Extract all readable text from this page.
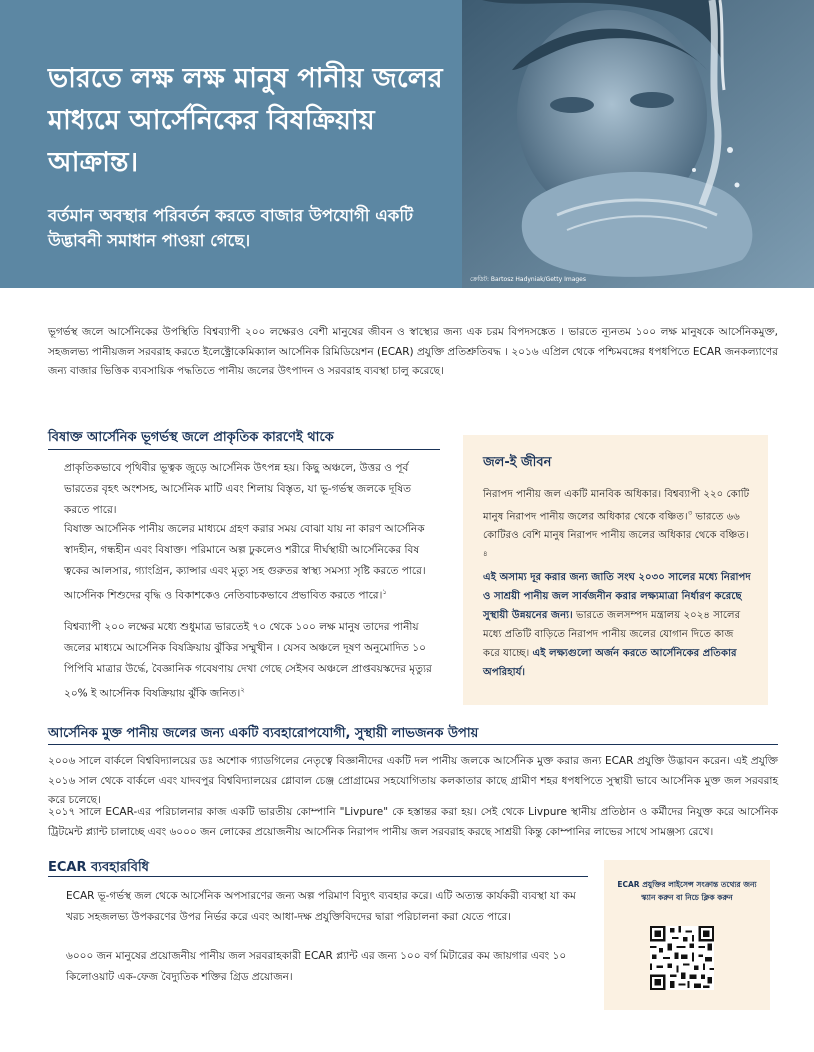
ভারতে লক্ষ লক্ষ মানুষ পানীয় জলের মাধ্যমে আর্সেনিকের বিষক্রিয়ায় আক্রান্ত।

বর্তমান অবস্থার পরিবর্তন করতে বাজার উপযোগী একটি উদ্ভাবনী সমাধান পাওয়া গেছে।

ক্রেডিট: Bartosz Hadyniak/Getty Images

ভূগর্ভস্থ জলে আর্সেনিকের উপস্থিতি বিশ্বব্যাপী ২০০ লক্ষেরও বেশী মানুষের জীবন ও স্বাস্থ্যের জন্য এক চরম বিপদসঙ্কেত । ভারতে ন্যূনতম ১০০ লক্ষ মানুষকে আর্সেনিকমুক্ত, সহজলভ্য পানীয়জল সরবরাহ করতে ইলেক্ট্রোকেমিক্যাল আর্সেনিক রিমিডিয়েশন (ECAR) প্রযুক্তি প্রতিশ্রুতিবদ্ধ । ২০১৬ এপ্রিল থেকে পশ্চিমবঙ্গের ধপধপিতে ECAR জনকল্যাণের জন্য বাজার ভিত্তিক ব্যবসায়িক পদ্ধতিতে পানীয় জলের উৎপাদন ও সরবরাহ ব্যবস্থা চালু করেছে।

বিষাক্ত আর্সেনিক ভূগর্ভস্থ জলে প্রাকৃতিক কারণেই থাকে

প্রাকৃতিকভাবে পৃথিবীর ভূত্বক জুড়ে আর্সেনিক উৎপন্ন হয়। কিছু অঞ্চলে, উত্তর ও পূর্ব ভারতের বৃহৎ অংশসহ, আর্সেনিক মাটি এবং শিলায় বিস্তৃত, যা ভূ-গর্ভস্থ জলকে দূষিত করতে পারে।

বিষাক্ত আর্সেনিক পানীয় জলের মাধ্যমে গ্রহণ করার সময় বোঝা যায় না কারণ আর্সেনিক স্বাদহীন, গন্ধহীন এবং বিষাক্ত। পরিমানে অল্প ঢুকলেও শরীরে দীর্ঘস্থায়ী আর্সেনিকের বিষ ত্বকের আলসার, গ্যাংগ্রিন, ক্যান্সার এবং মৃত্যু সহ গুরুতর স্বাস্থ্য সমস্যা সৃষ্টি করতে পারে। আর্সেনিক শিশুদের বৃদ্ধি ও বিকাশকেও নেতিবাচকভাবে প্রভাবিত করতে পারে।$^১$

বিশ্বব্যাপী ২০০ লক্ষের মধ্যে শুধুমাত্র ভারতেই ৭০ থেকে ১০০ লক্ষ মানুষ তাদের পানীয় জলের মাধ্যমে আর্সেনিক বিষক্রিয়ায় ঝুঁকির সম্মুখীন । যেসব অঞ্চলে দূষণ অনুমোদিত ১০ পিপিবি মাত্রার উর্দ্ধে, বৈজ্ঞানিক গবেষণায় দেখা গেছে সেইসব অঞ্চলে প্রাপ্তবয়স্কদের মৃত্যুর ২০% ই আর্সেনিক বিষক্রিয়ায় ঝুঁকি জনিত।$^২$

জল-ই জীবন

নিরাপদ পানীয় জল একটি মানবিক অধিকার। বিশ্বব্যাপী ২২০ কোটি মানুষ নিরাপদ পানীয় জলের অধিকার থেকে বঞ্চিত।$^৩$ ভারতে ৬৬ কোটিরও বেশি মানুষ নিরাপদ পানীয় জলের অধিকার থেকে বঞ্চিত।$^৪$
এই অসাম্য দূর করার জন্য জাতি সংঘ ২০৩০ সালের মধ্যে নিরাপদ ও সাশ্রয়ী পানীয় জল সার্বজনীন করার লক্ষ্যমাত্রা নির্ধারণ করেছে সুস্থায়ী উন্নয়নের জন্য। ভারতে জলসম্পদ মন্ত্রালয় ২০২৪ সালের মধ্যে প্রতিটি বাড়িতে নিরাপদ পানীয় জলের যোগান দিতে কাজ করে যাচ্ছে। এই লক্ষ্যগুলো অর্জন করতে আর্সেনিকের প্রতিকার অপরিহার্য।

আর্সেনিক মুক্ত পানীয় জলের জন্য একটি ব্যবহারোপযোগী, সুস্থায়ী লাভজনক উপায়

২০০৬ সালে বার্কলে বিশ্ববিদ্যালয়ের ডঃ অশোক গ্যাডগিলের নেতৃত্বে বিজ্ঞানীদের একটি দল পানীয় জলকে আর্সেনিক মুক্ত করার জন্য ECAR প্রযুক্তি উদ্ভাবন করেন। এই প্রযুক্তি ২০১৬ সাল থেকে বার্কলে এবং যাদবপুর বিশ্ববিদ্যালয়ের গ্লোবাল চেঞ্জ প্রোগ্রামের সহযোগিতায় কলকাতার কাছে গ্রামীণ শহর ধপধপিতে সুস্থায়ী ভাবে আর্সেনিক মুক্ত জল সরবরাহ করে চলেছে।

২০১৭ সালে ECAR-এর পরিচালনার কাজ একটি ভারতীয় কোম্পানি "Livpure" কে হস্তান্তর করা হয়। সেই থেকে Livpure স্থানীয় প্রতিষ্ঠান ও কর্মীদের নিযুক্ত করে আর্সেনিক ট্রিটমেন্ট প্ল্যান্ট চালাচ্ছে এবং ৬০০০ জন লোকের প্রয়োজনীয় আর্সেনিক নিরাপদ পানীয় জল সরবরাহ করছে সাশ্রয়ী কিন্তু কোম্পানির লাভের সাথে সামঞ্জস্য রেখে।

ECAR ব্যবহারবিধি

ECAR ভূ-গর্ভস্থ জল থেকে আর্সেনিক অপসারণের জন্য অল্প পরিমাণ বিদ্যুৎ ব্যবহার করে। এটি অত্যন্ত কার্যকরী ব্যবস্থা যা কম খরচ সহজলভ্য উপকরণের উপর নির্ভর করে এবং আধা-দক্ষ প্রযুক্তিবিদদের দ্বারা পরিচালনা করা যেতে পারে।

৬০০০ জন মানুষের প্রয়োজনীয় পানীয় জল সরবরাহকারী ECAR প্ল্যান্ট এর জন্য ১০০ বর্গ মিটারের কম জায়গার এবং ১০ কিলোওয়াট এক-ফেজ বৈদ্যুতিক শক্তির গ্রিড প্রয়োজন।

ECAR প্রযুক্তির লাইসেন্স সংক্রান্ত তথ্যের জন্য স্ক্যান করুন বা নিচে ক্লিক করুন
